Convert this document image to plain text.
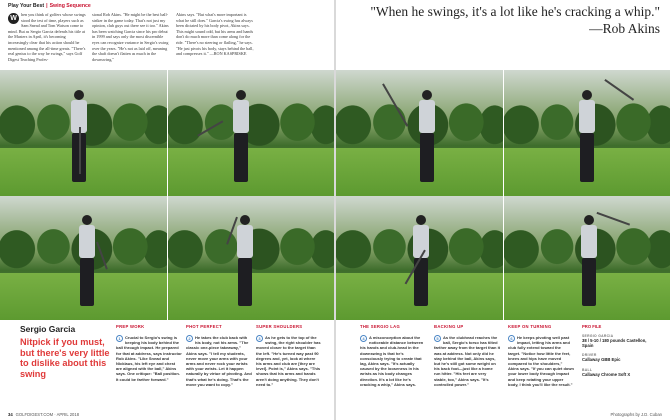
Play Your Best | Swing Sequence
W
hen you think of golfers whose swings stood the test of time, players such as Sam Snead and Tom Watson come to mind. But as Sergio Garcia defends his title at the Masters in April, it's becoming increasingly clear that his action should be mentioned among the all-time greats. "There's real genius to the way he swings," says Golf Digest Teaching Profes-
sional Rob Akins. "He might be the best ball-striker in the game today. That's not just my opinion, club guys out there see it too." Akins has been watching Garcia since his pro debut in 1999 and says only the most discernible eyes can recognize variance in Sergio's swing over the years. "He's not as laid off, meaning the shaft doesn't flatten as much in the downswing,"
Akins says. "But what's more important is what he still does." Garcia's swing has always been dictated by his body pivot, Akins says. This might sound odd, but his arms and hands don't do much more than come along for the ride. "There's no steering or flailing," he says. "He just pivots his body, stays behind the ball, and compresses it." —RON KASPRISKE
"When he swings, it's a lot like he's cracking a whip." —Rob Akins
Sergio Garcia
Nitpick if you must, but there's very little to dislike about this swing
PREP WORK
1	Crucial to Sergio's swing is keeping his body behind the ball through impact. He prepared for that at address, says instructor Rob Akins. "Like Snead and Nicklaus, his left eye and chest are aligned with the ball," Akins says. One critique: "Ball position. It could be farther forward."
PHOT PERFECT
2	He takes the club back with his body, not his arms. "The classic one-piece takeaway," Akins says. "I tell my students, never move your arms with your arms and never rock your wrists with your wrists. Let it happen naturally by virtue of pivoting. And that's what he's doing. That's the move you want to copy."
SUPER SHOULDERS
3	As he gets to the top of the swing, the right shoulder has moved closer to the target than the left. "He's turned way past 90 degrees and, yet, look at where his arms and club are [they are level]. Point is," Akins says. "This shows that his arms and hands aren't doing anything. They don't need to."
THE SERGIO LAG
4	A misconception about the noticeable distance between his hands and club-head in the downswing is that he's consciously trying to create that lag, Akins says. "It's actually caused by the looseness in his wrists as his body changes direction. It's a lot like he's cracking a whip," Akins says.
BACKING UP
5	As the clubhead reaches the ball, Sergio's torso has tilted farther away from the target than it was at address. Not only did he stay behind the ball, Akins says, but he's still got some weight on his back foot—just like a home run hitter. "His feet are very stable, too," Akins says. "It's controlled power."
KEEP ON TURNING
6	He keeps pivoting well past impact, letting his arms and club fully extend toward the target. "Notice how little the feet, knees and hips have moved compared to the shoulders," Akins says. "If you can quiet down your lower body through impact and keep rotating your upper body, I think you'll like the result."
PRO FILE
SERGIO GARCIA
38 / 5-10 / 180 pounds Castellon, Spain
DRIVER
Callaway GBB Epic
BALL
Callaway Chrome Soft X
34 GOLFDIGEST.COM · APRIL 2018	Photographs by J.D. Cuban
